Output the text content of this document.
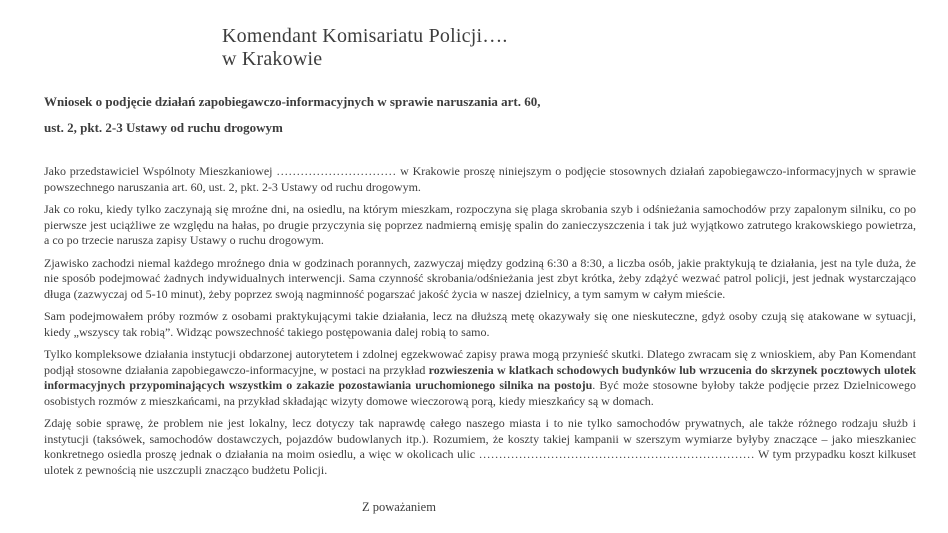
Komendant Komisariatu Policji….
w Krakowie

Wniosek o podjęcie działań zapobiegawczo-informacyjnych w sprawie naruszania art. 60,

ust. 2, pkt. 2-3 Ustawy od ruchu drogowym

Jako przedstawiciel Wspólnoty Mieszkaniowej ………………………… w Krakowie proszę niniejszym o podjęcie stosownych działań zapobiegawczo-informacyjnych w sprawie powszechnego naruszania art. 60, ust. 2, pkt. 2-3 Ustawy od ruchu drogowym.

Jak co roku, kiedy tylko zaczynają się mroźne dni, na osiedlu, na którym mieszkam, rozpoczyna się plaga skrobania szyb i odśnieżania samochodów przy zapalonym silniku, co po pierwsze jest uciążliwe ze względu na hałas, po drugie przyczynia się poprzez nadmierną emisję spalin do zanieczyszczenia i tak już wyjątkowo zatrutego krakowskiego powietrza, a co po trzecie narusza zapisy Ustawy o ruchu drogowym.

Zjawisko zachodzi niemal każdego mroźnego dnia w godzinach porannych, zazwyczaj między godziną 6:30 a 8:30, a liczba osób, jakie praktykują te działania, jest na tyle duża, że nie sposób podejmować żadnych indywidualnych interwencji. Sama czynność skrobania/odśnieżania jest zbyt krótka, żeby zdążyć wezwać patrol policji, jest jednak wystarczająco długa (zazwyczaj od 5-10 minut), żeby poprzez swoją nagminność pogarszać jakość życia w naszej dzielnicy, a tym samym w całym mieście.

Sam podejmowałem próby rozmów z osobami praktykującymi takie działania, lecz na dłuższą metę okazywały się one nieskuteczne, gdyż osoby czują się atakowane w sytuacji, kiedy „wszyscy tak robią”. Widząc powszechność takiego postępowania dalej robią to samo.

Tylko kompleksowe działania instytucji obdarzonej autorytetem i zdolnej egzekwować zapisy prawa mogą przynieść skutki. Dlatego zwracam się z wnioskiem, aby Pan Komendant podjął stosowne działania zapobiegawczo-informacyjne, w postaci na przykład rozwieszenia w klatkach schodowych budynków lub wrzucenia do skrzynek pocztowych ulotek informacyjnych przypominających wszystkim o zakazie pozostawiania uruchomionego silnika na postoju. Być może stosowne byłoby także podjęcie przez Dzielnicowego osobistych rozmów z mieszkańcami, na przykład składając wizyty domowe wieczorową porą, kiedy mieszkańcy są w domach.

Zdaję sobie sprawę, że problem nie jest lokalny, lecz dotyczy tak naprawdę całego naszego miasta i to nie tylko samochodów prywatnych, ale także różnego rodzaju służb i instytucji (taksówek, samochodów dostawczych, pojazdów budowlanych itp.). Rozumiem, że koszty takiej kampanii w szerszym wymiarze byłyby znaczące – jako mieszkaniec konkretnego osiedla proszę jednak o działania na moim osiedlu, a więc w okolicach ulic …………………………………………………………… W tym przypadku koszt kilkuset ulotek z pewnością nie uszczupli znacząco budżetu Policji.

Z poważaniem
